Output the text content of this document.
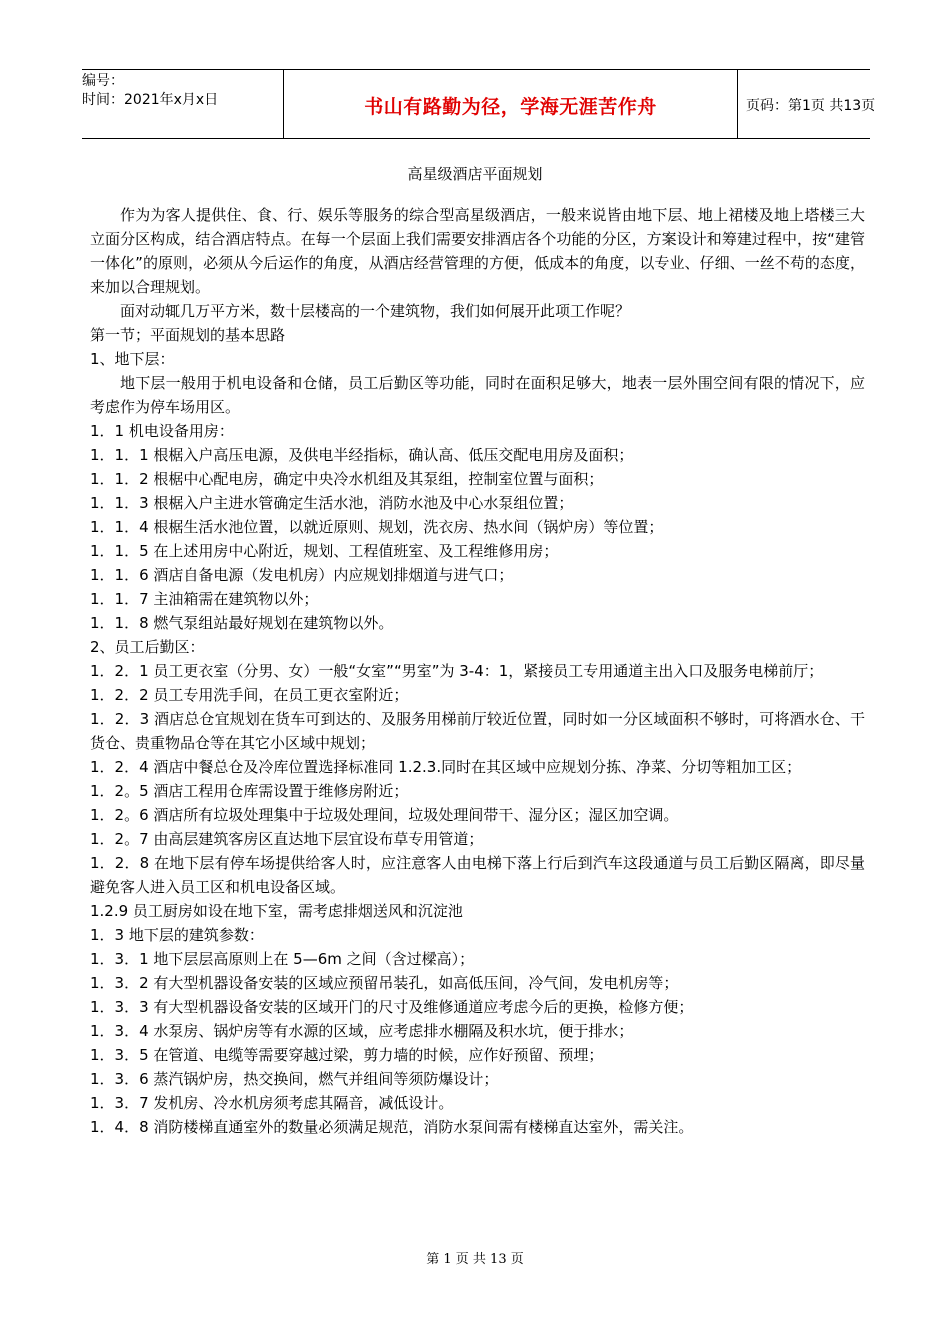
编号：
时间：2021年x月x日	书山有路勤为径，学海无涯苦作舟	页码：第1页 共13页
高星级酒店平面规划

作为为客人提供住、食、行、娱乐等服务的综合型高星级酒店，一般来说皆由地下层、地上裙楼及地上塔楼三大立面分区构成，结合酒店特点。在每一个层面上我们需要安排酒店各个功能的分区，方案设计和筹建过程中，按“建管一体化”的原则，必须从今后运作的角度，从酒店经营管理的方便，低成本的角度，以专业、仔细、一丝不苟的态度，来加以合理规划。

面对动辄几万平方米，数十层楼高的一个建筑物，我们如何展开此项工作呢？

第一节；平面规划的基本思路

1、地下层：

地下层一般用于机电设备和仓储，员工后勤区等功能，同时在面积足够大，地表一层外围空间有限的情况下，应考虑作为停车场用区。

1．1 机电设备用房：

1．1．1 根椐入户高压电源，及供电半经指标，确认高、低压交配电用房及面积；

1．1．2 根椐中心配电房，确定中央冷水机组及其泵组，控制室位置与面积；

1．1．3 根椐入户主进水管确定生活水池，消防水池及中心水泵组位置；

1．1．4 根椐生活水池位置，以就近原则、规划，洗衣房、热水间（锅炉房）等位置；

1．1．5 在上述用房中心附近，规划、工程值班室、及工程维修用房；

1．1．6 酒店自备电源（发电机房）内应规划排烟道与进气口；

1．1．7 主油箱需在建筑物以外；

1．1．8 燃气泵组站最好规划在建筑物以外。

2、员工后勤区：

1．2．1 员工更衣室（分男、女）一般“女室”“男室”为 3-4：1，紧接员工专用通道主出入口及服务电梯前厅；

1．2．2 员工专用洗手间，在员工更衣室附近；

1．2．3 酒店总仓宜规划在货车可到达的、及服务用梯前厅较近位置，同时如一分区域面积不够时，可将酒水仓、干货仓、贵重物品仓等在其它小区域中规划；

1．2．4 酒店中餐总仓及冷库位置选择标准同 1.2.3.同时在其区域中应规划分拣、净菜、分切等粗加工区；

1．2。5 酒店工程用仓库需设置于维修房附近；

1．2。6 酒店所有垃圾处理集中于垃圾处理间，垃圾处理间带干、湿分区；湿区加空调。

1．2。7 由高层建筑客房区直达地下层宜设布草专用管道；

1．2．8 在地下层有停车场提供给客人时，应注意客人由电梯下落上行后到汽车这段通道与员工后勤区隔离，即尽量避免客人进入员工区和机电设备区域。

1.2.9 员工厨房如设在地下室，需考虑排烟送风和沉淀池

1．3 地下层的建筑参数：

1．3．1 地下层层高原则上在 5—6m 之间（含过樑高）；

1．3．2 有大型机器设备安装的区域应预留吊装孔，如高低压间，冷气间，发电机房等；

1．3．3 有大型机器设备安装的区域开门的尺寸及维修通道应考虑今后的更换，检修方便；

1．3．4 水泵房、锅炉房等有水源的区域，应考虑排水棚隔及积水坑，便于排水；

1．3．5 在管道、电缆等需要穿越过梁，剪力墙的时候，应作好预留、预埋；

1．3．6 蒸汽锅炉房，热交换间，燃气并组间等须防爆设计；

1．3．7 发机房、冷水机房须考虑其隔音，减低设计。

1．4．8 消防楼梯直通室外的数量必须满足规范，消防水泵间需有楼梯直达室外，需关注。

第 1 页 共 13 页
